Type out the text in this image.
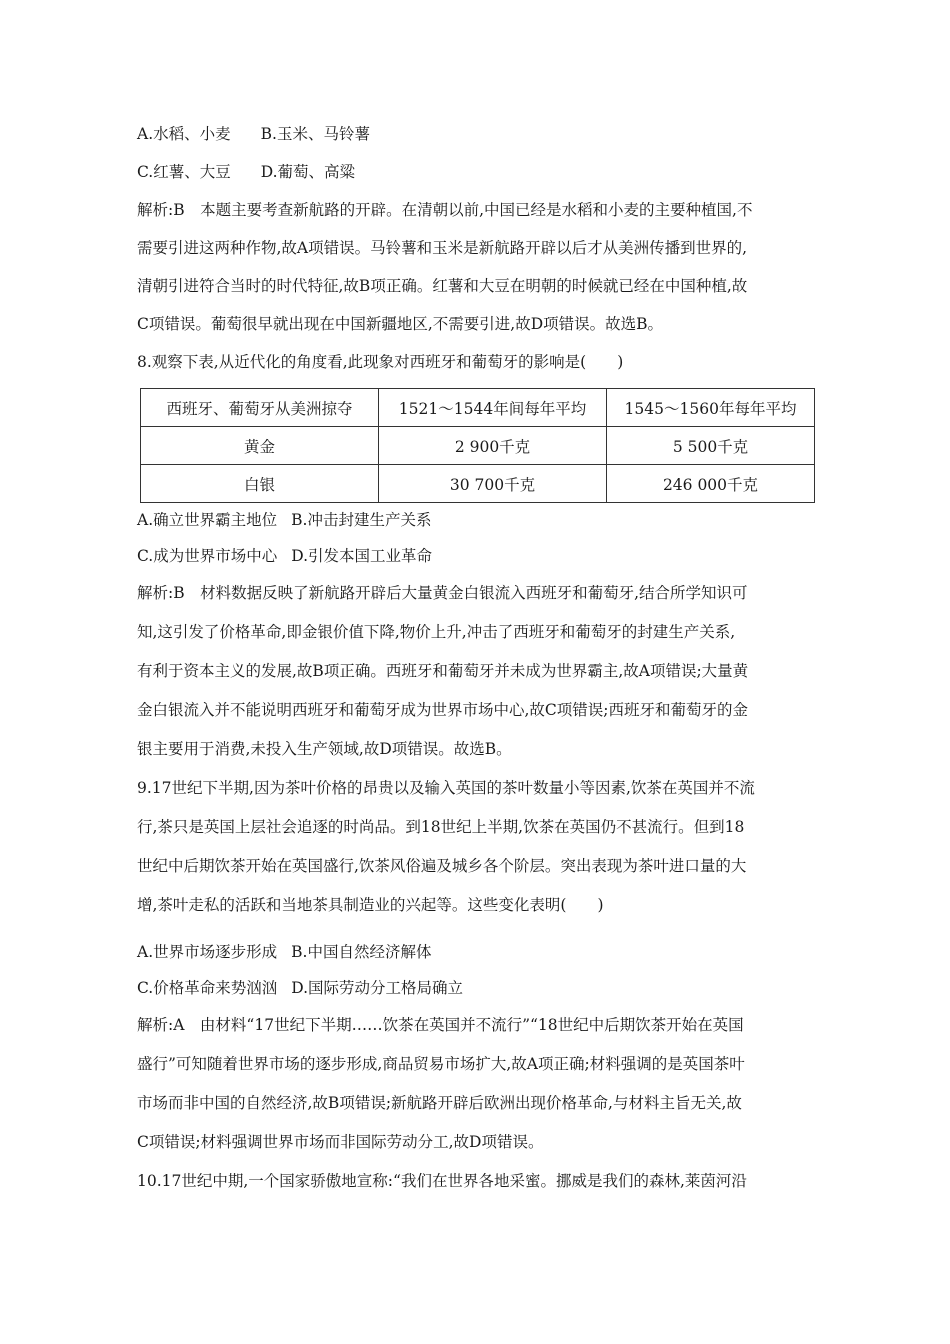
A.水稻、小麦 B.玉米、马铃薯
C.红薯、大豆 D.葡萄、高粱
解析:B　本题主要考查新航路的开辟。在清朝以前,中国已经是水稻和小麦的主要种植国,不
需要引进这两种作物,故A项错误。马铃薯和玉米是新航路开辟以后才从美洲传播到世界的,
清朝引进符合当时的时代特征,故B项正确。红薯和大豆在明朝的时候就已经在中国种植,故
C项错误。葡萄很早就出现在中国新疆地区,不需要引进,故D项错误。故选B。
8.观察下表,从近代化的角度看,此现象对西班牙和葡萄牙的影响是(　　)
西班牙、葡萄牙从美洲掠夺	1521～1544年间每年平均	1545～1560年每年平均
黄金	2 900千克	5 500千克
白银	30 700千克	246 000千克
A.确立世界霸主地位 B.冲击封建生产关系
C.成为世界市场中心 D.引发本国工业革命
解析:B　材料数据反映了新航路开辟后大量黄金白银流入西班牙和葡萄牙,结合所学知识可
知,这引发了价格革命,即金银价值下降,物价上升,冲击了西班牙和葡萄牙的封建生产关系,
有利于资本主义的发展,故B项正确。西班牙和葡萄牙并未成为世界霸主,故A项错误;大量黄
金白银流入并不能说明西班牙和葡萄牙成为世界市场中心,故C项错误;西班牙和葡萄牙的金
银主要用于消费,未投入生产领域,故D项错误。故选B。
9.17世纪下半期,因为茶叶价格的昂贵以及输入英国的茶叶数量小等因素,饮茶在英国并不流
行,茶只是英国上层社会追逐的时尚品。到18世纪上半期,饮茶在英国仍不甚流行。但到18
世纪中后期饮茶开始在英国盛行,饮茶风俗遍及城乡各个阶层。突出表现为茶叶进口量的大
增,茶叶走私的活跃和当地茶具制造业的兴起等。这些变化表明(　　)
A.世界市场逐步形成 B.中国自然经济解体
C.价格革命来势汹汹 D.国际劳动分工格局确立
解析:A　由材料“17世纪下半期……饮茶在英国并不流行”“18世纪中后期饮茶开始在英国
盛行”可知随着世界市场的逐步形成,商品贸易市场扩大,故A项正确;材料强调的是英国茶叶
市场而非中国的自然经济,故B项错误;新航路开辟后欧洲出现价格革命,与材料主旨无关,故
C项错误;材料强调世界市场而非国际劳动分工,故D项错误。
10.17世纪中期,一个国家骄傲地宣称:“我们在世界各地采蜜。挪威是我们的森林,莱茵河沿
